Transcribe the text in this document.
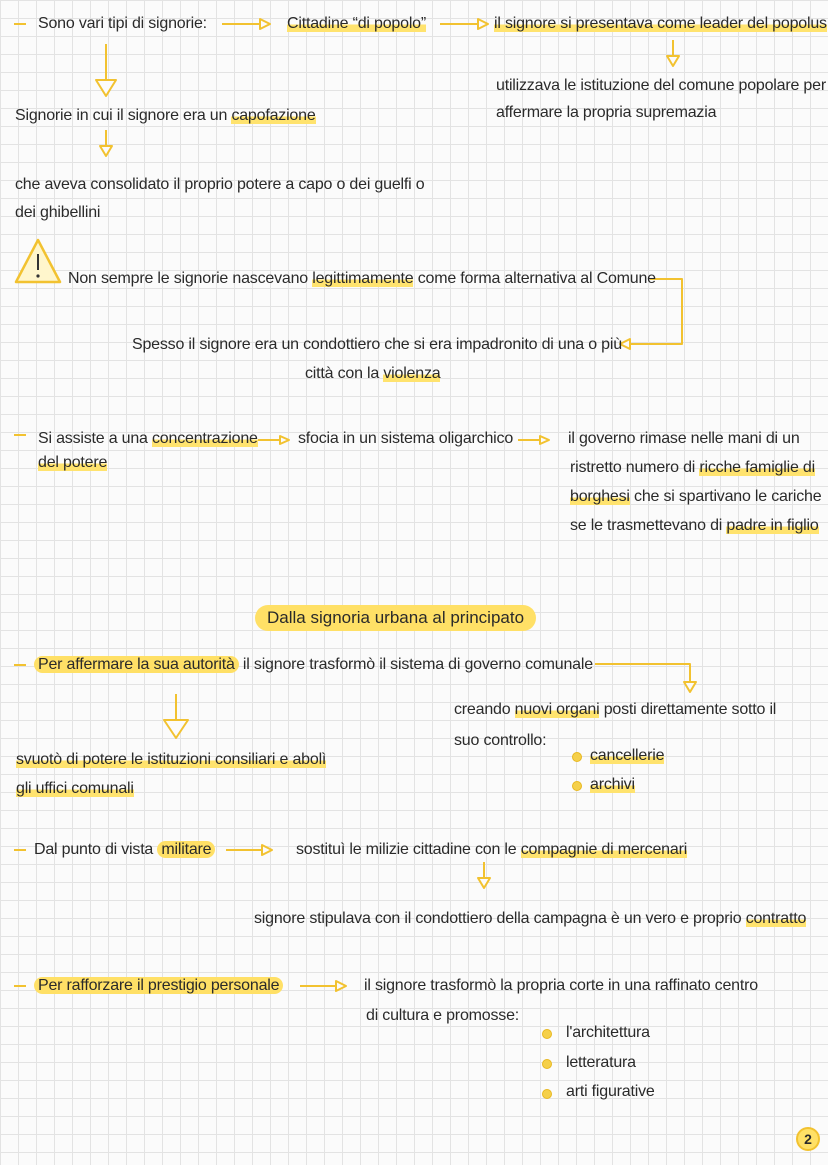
Sono vari tipi di signorie:	Cittadine “di popolo”	il signore si presentava come leader del popolus
utilizzava le istituzione del comune popolare per
affermare la propria supremazia
Signorie in cui il signore era un capofazione
che aveva consolidato il proprio potere a capo o dei guelfi o
dei ghibellini
Non sempre le signorie nascevano legittimamente come forma alternativa al Comune
Spesso il signore era un condottiero che si era impadronito di una o più
città con la violenza
Si assiste a una concentrazione
del potere
sfocia in un sistema oligarchico	il governo rimase nelle mani di un
ristretto numero di ricche famiglie di
borghesi che si spartivano le cariche
se le trasmettevano di padre in figlio
Dalla signoria urbana al principato
Per affermare la sua autorità il signore trasformò il sistema di governo comunale
svuotò di potere le istituzioni consiliari e abolì
gli uffici comunali
creando nuovi organi posti direttamente sotto il
suo controllo:
cancellerie
archivi
Dal punto di vista militare	sostituì le milizie cittadine con le compagnie di mercenari
signore stipulava con il condottiero della campagna è un vero e proprio contratto
Per rafforzare il prestigio personale	il signore trasformò la propria corte in una raffinato centro
di cultura e promosse:
l'architettura
letteratura
arti figurative
2
